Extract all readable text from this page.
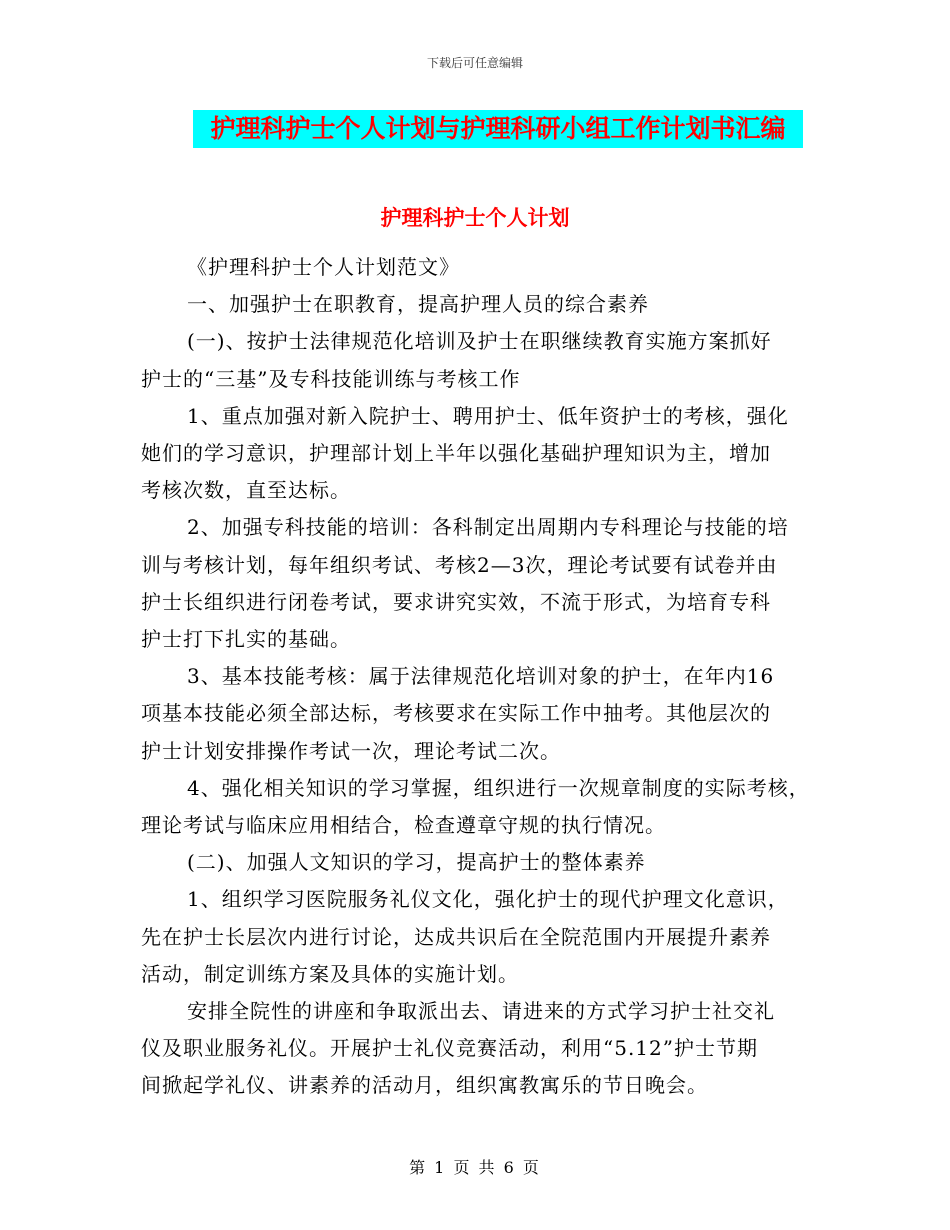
下载后可任意编辑
护理科护士个人计划与护理科研小组工作计划书汇编
护理科护士个人计划
《护理科护士个人计划范文》
一、加强护士在职教育，提高护理人员的综合素养
(一)、按护士法律规范化培训及护士在职继续教育实施方案抓好
护士的“三基”及专科技能训练与考核工作
1、重点加强对新入院护士、聘用护士、低年资护士的考核，强化
她们的学习意识，护理部计划上半年以强化基础护理知识为主，增加
考核次数，直至达标。
2、加强专科技能的培训：各科制定出周期内专科理论与技能的培
训与考核计划，每年组织考试、考核2—3次，理论考试要有试卷并由
护士长组织进行闭卷考试，要求讲究实效，不流于形式，为培育专科
护士打下扎实的基础。
3、基本技能考核：属于法律规范化培训对象的护士，在年内16
项基本技能必须全部达标，考核要求在实际工作中抽考。其他层次的
护士计划安排操作考试一次，理论考试二次。
4、强化相关知识的学习掌握，组织进行一次规章制度的实际考核，
理论考试与临床应用相结合，检查遵章守规的执行情况。
(二)、加强人文知识的学习，提高护士的整体素养
1、组织学习医院服务礼仪文化，强化护士的现代护理文化意识，
先在护士长层次内进行讨论，达成共识后在全院范围内开展提升素养
活动，制定训练方案及具体的实施计划。
安排全院性的讲座和争取派出去、请进来的方式学习护士社交礼
仪及职业服务礼仪。开展护士礼仪竞赛活动，利用“5.12”护士节期
间掀起学礼仪、讲素养的活动月，组织寓教寓乐的节日晚会。
第 1 页 共 6 页
